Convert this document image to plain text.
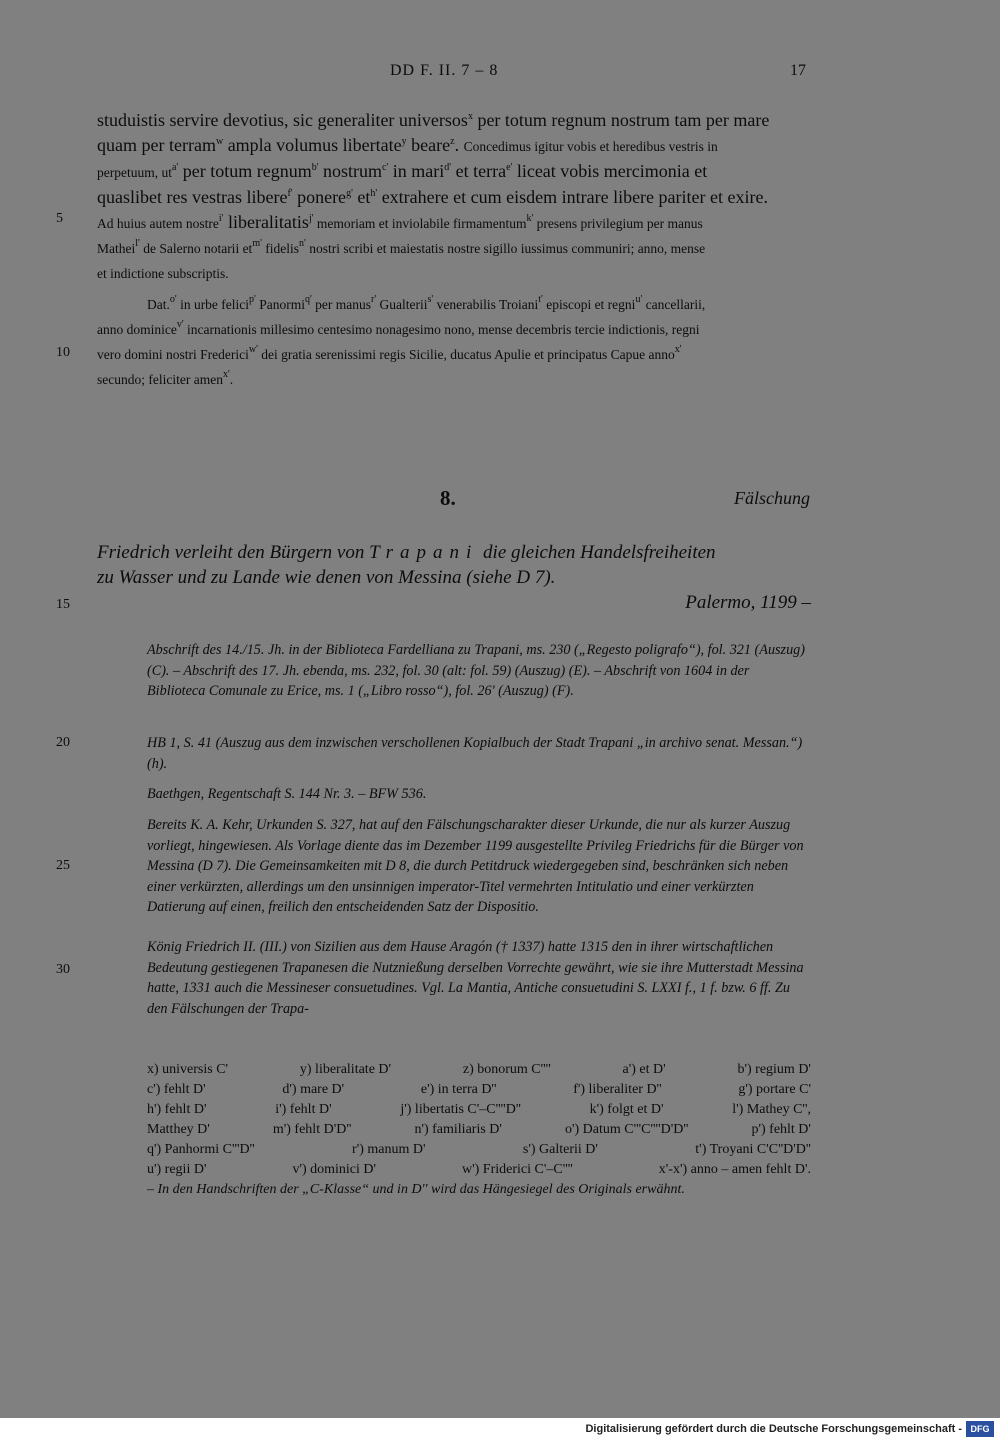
DD F. II. 7 – 8	17
5
10
15
20
25
30

studuistis servire devotius, sic generaliter universos$^x$ per totum regnum nostrum tam per mare

quam per terram$^w$ ampla volumus libertate$^y$ beare$^z$. Concedimus igitur vobis et heredibus vestris in

perpetuum, $ut^{a'}$ per totum regnum$^{b'}$ nostrum$^{c'}$ in mari$^{d'}$ et terra$^{e'}$ liceat vobis mercimonia et

quaslibet res vestras libere$^{f'}$ ponere$^{g'}$ $et^{h'}$ extrahere et cum eisdem intrare libere pariter et exire.

Ad huius autem nostre$^{i'}$ liberalitatis$^{j'}$ memoriam et inviolabile firmamentum$^{k'}$ presens privilegium per manus

Mathei$^{l'}$ de Salerno notarii $et^{m'}$ fidelis$^{n'}$ nostri scribi et maiestatis nostre sigillo iussimus communiri; anno, mense

et indictione subscriptis.

Dat.$^{o'}$ in urbe felici$^{p'}$ Panormi$^{q'}$ per manus$^{r'}$ Gualterii$^{s'}$ venerabilis Troiani$^{t'}$ episcopi et regni$^{u'}$ cancellarii,

anno dominice$^{v'}$ incarnationis millesimo centesimo nonagesimo nono, mense decembris tercie indictionis, regni

vero domini nostri Frederici$^{w'}$ dei gratia serenissimi regis Sicilie, ducatus Apulie et principatus Capue anno$^{x'}$

secundo; feliciter amen$^{x'}$.

8.	Fälschung
Friedrich verleiht den Bürgern von Trapani die gleichen Handelsfreiheiten
zu Wasser und zu Lande wie denen von Messina (siehe D 7).
Palermo, 1199 –

Abschrift des 14./15. Jh. in der Biblioteca Fardelliana zu Trapani, ms. 230 („Regesto poligrafo“), fol. 321 (Auszug) (C). – Abschrift des 17. Jh. ebenda, ms. 232, fol. 30 (alt: fol. 59) (Auszug) (E). – Abschrift von 1604 in der Biblioteca Comunale zu Erice, ms. 1 („Libro rosso“), fol. 26' (Auszug) (F).

HB 1, S. 41 (Auszug aus dem inzwischen verschollenen Kopialbuch der Stadt Trapani „in archivo senat. Messan.“) (h).

Baethgen, Regentschaft S. 144 Nr. 3. – BFW 536.

Bereits K. A. Kehr, Urkunden S. 327, hat auf den Fälschungscharakter dieser Urkunde, die nur als kurzer Auszug vorliegt, hingewiesen. Als Vorlage diente das im Dezember 1199 ausgestellte Privileg Friedrichs für die Bürger von Messina (D 7). Die Gemeinsamkeiten mit D 8, die durch Petitdruck wiedergegeben sind, beschränken sich neben einer verkürzten, allerdings um den unsinnigen imperator-Titel vermehrten Intitulatio und einer verkürzten Datierung auf einen, freilich den entscheidenden Satz der Dispositio.

König Friedrich II. (III.) von Sizilien aus dem Hause Aragón († 1337) hatte 1315 den in ihrer wirtschaftlichen Bedeutung gestiegenen Trapanesen die Nutznießung derselben Vorrechte gewährt, wie sie ihre Mutterstadt Messina hatte, 1331 auch die Messineser consuetudines. Vgl. La Mantia, Antiche consuetudini S. LXXI f., 1 f. bzw. 6 ff. Zu den Fälschungen der Trapa-

x) universis C'	y) liberalitate D'	z) bonorum C''''	a') et D'	b') regium D'
c') fehlt D'	d') mare D'	e') in terra D''	f') liberaliter D''	g') portare C'
h') fehlt D'	i') fehlt D'	j') libertatis C'–C''''D''	k') folgt et D'	l') Mathey C'',
Matthey D'	m') fehlt D'D''	n') familiaris D'	o') Datum C'''C''''D'D''	p') fehlt D'
q') Panhormi C'''D''	r') manum D'	s') Galterii D'	t') Troyani C'C''D'D''
u') regii D'	v') dominici D'	w') Friderici C'–C''''	x'-x') anno – amen fehlt D'.
– In den Handschriften der „C-Klasse“ und in D'' wird das Hängesiegel des Originals erwähnt.
Digitalisierung gefördert durch die Deutsche Forschungsgemeinschaft - DFG
